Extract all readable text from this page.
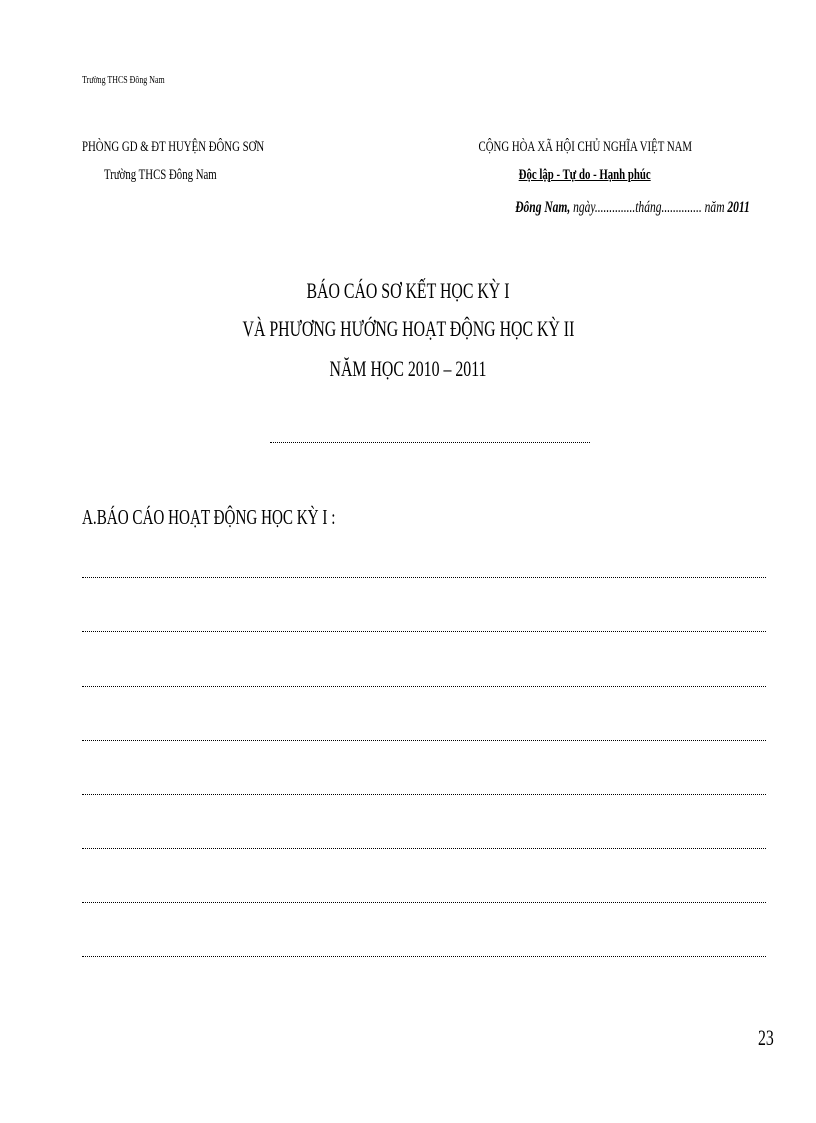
Trường THCS Đông Nam
PHÒNG GD & ĐT HUYỆN ĐÔNG SƠN
Trường THCS Đông Nam
CỘNG HÒA XÃ HỘI CHỦ NGHĨA VIỆT NAM
Độc lập - Tự do - Hạnh phúc
Đông Nam, ngày..............tháng.............. năm 2011
BÁO CÁO SƠ KẾT HỌC KỲ I
VÀ PHƯƠNG HƯỚNG HOẠT ĐỘNG HỌC KỲ II
NĂM HỌC 2010 – 2011
A.BÁO CÁO HOẠT ĐỘNG HỌC KỲ I :
23
